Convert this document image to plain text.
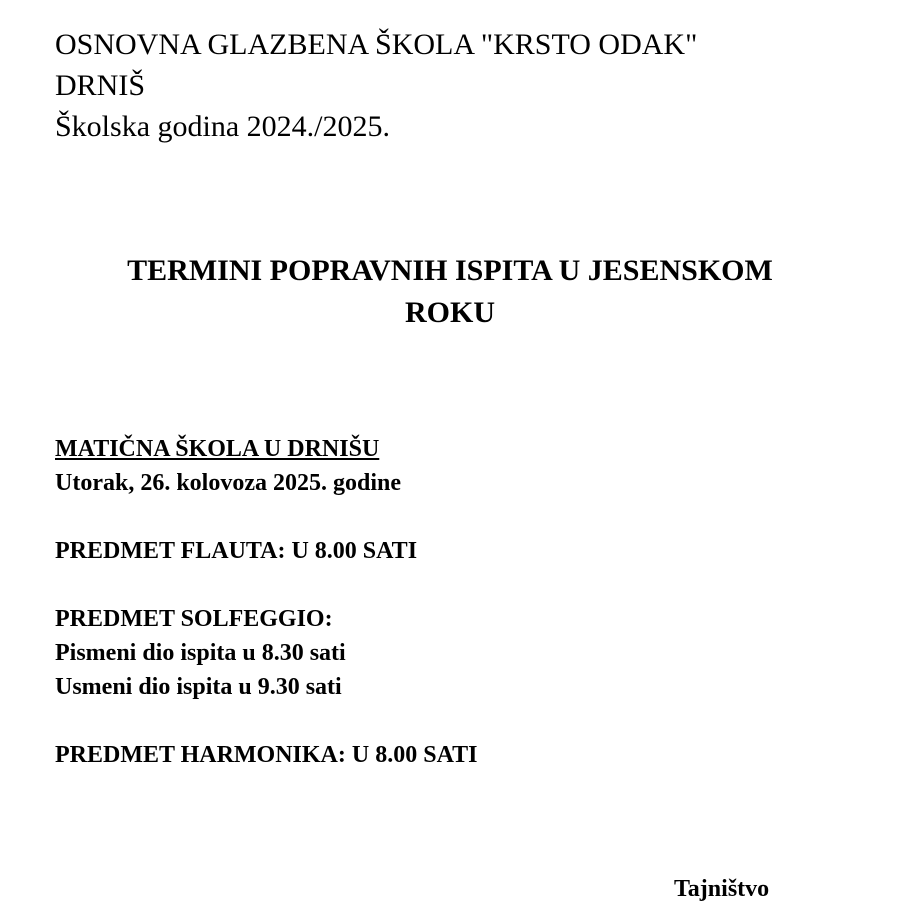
OSNOVNA GLAZBENA ŠKOLA "KRSTO ODAK"
DRNIŠ
Školska godina 2024./2025.
TERMINI POPRAVNIH ISPITA U JESENSKOM
ROKU
MATIČNA ŠKOLA U DRNIŠU
Utorak, 26. kolovoza 2025. godine
PREDMET FLAUTA: U 8.00 SATI
PREDMET SOLFEGGIO:
Pismeni dio ispita u 8.30 sati
Usmeni dio ispita u 9.30 sati
PREDMET HARMONIKA: U 8.00 SATI
Tajništvo
